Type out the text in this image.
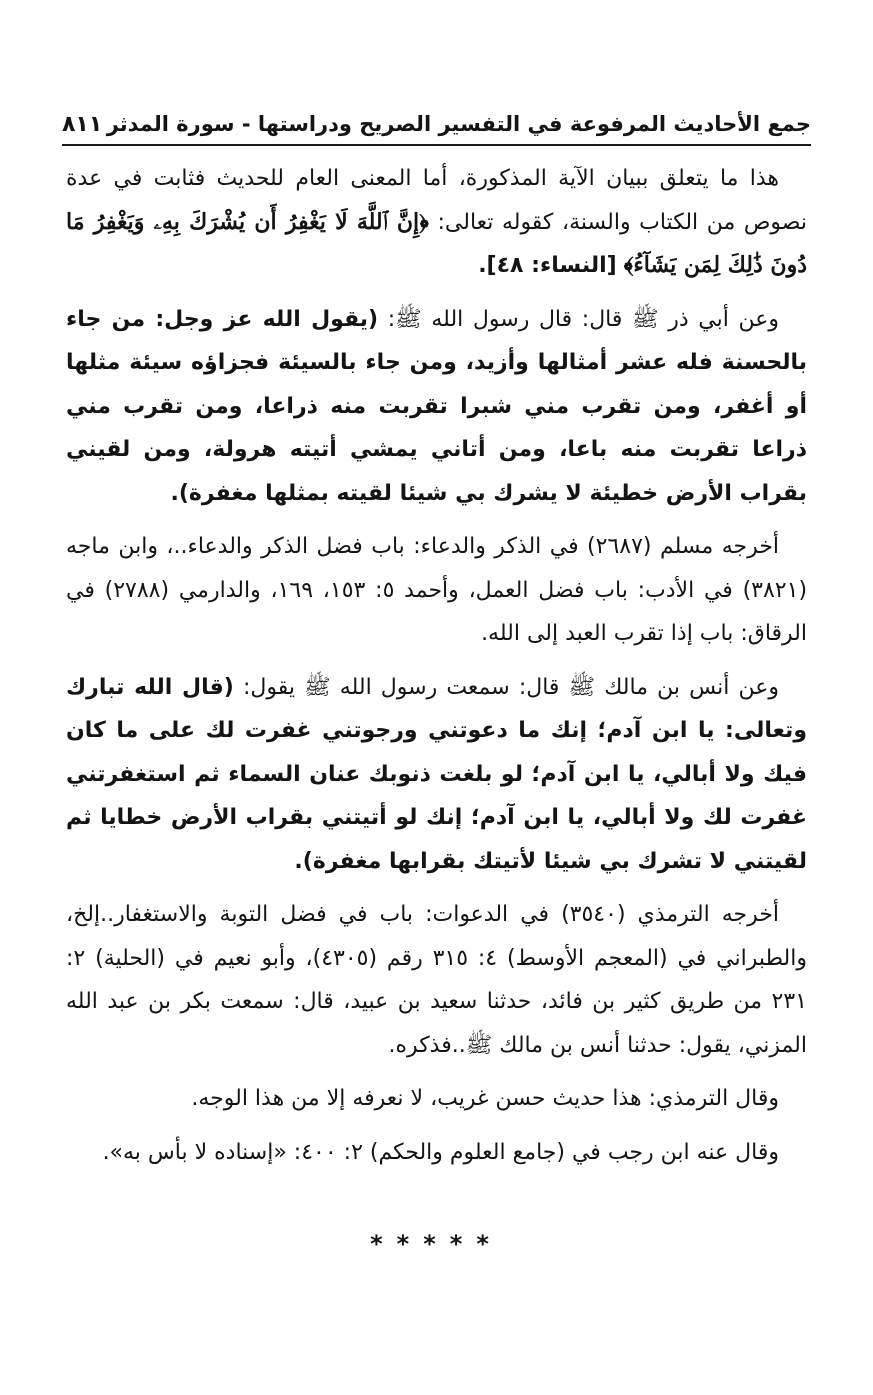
جمع الأحاديث المرفوعة في التفسير الصريح ودراستها - سورة المدثر
٨١١

هذا ما يتعلق ببيان الآية المذكورة، أما المعنى العام للحديث فثابت في عدة نصوص من الكتاب والسنة، كقوله تعالى: ﴿إِنَّ ٱللَّهَ لَا يَغْفِرُ أَن يُشْرَكَ بِهِۦ وَيَغْفِرُ مَا دُونَ ذَٰلِكَ لِمَن يَشَآءُ﴾ [النساء: ٤٨].

وعن أبي ذر ﷺ قال: قال رسول الله ﷺ: (يقول الله عز وجل: من جاء بالحسنة فله عشر أمثالها وأزيد، ومن جاء بالسيئة فجزاؤه سيئة مثلها أو أغفر، ومن تقرب مني شبرا تقربت منه ذراعا، ومن تقرب مني ذراعا تقربت منه باعا، ومن أتاني يمشي أتيته هرولة، ومن لقيني بقراب الأرض خطيئة لا يشرك بي شيئا لقيته بمثلها مغفرة).

أخرجه مسلم (٢٦٨٧) في الذكر والدعاء: باب فضل الذكر والدعاء..، وابن ماجه (٣٨٢١) في الأدب: باب فضل العمل، وأحمد ٥: ١٥٣، ١٦٩، والدارمي (٢٧٨٨) في الرقاق: باب إذا تقرب العبد إلى الله.

وعن أنس بن مالك ﷺ قال: سمعت رسول الله ﷺ يقول: (قال الله تبارك وتعالى: يا ابن آدم؛ إنك ما دعوتني ورجوتني غفرت لك على ما كان فيك ولا أبالي، يا ابن آدم؛ لو بلغت ذنوبك عنان السماء ثم استغفرتني غفرت لك ولا أبالي، يا ابن آدم؛ إنك لو أتيتني بقراب الأرض خطايا ثم لقيتني لا تشرك بي شيئا لأتيتك بقرابها مغفرة).

أخرجه الترمذي (٣٥٤٠) في الدعوات: باب في فضل التوبة والاستغفار..إلخ، والطبراني في (المعجم الأوسط) ٤: ٣١٥ رقم (٤٣٠٥)، وأبو نعيم في (الحلية) ٢: ٢٣١ من طريق كثير بن فائد، حدثنا سعيد بن عبيد، قال: سمعت بكر بن عبد الله المزني، يقول: حدثنا أنس بن مالك ﷺ..فذكره.

وقال الترمذي: هذا حديث حسن غريب، لا نعرفه إلا من هذا الوجه.

وقال عنه ابن رجب في (جامع العلوم والحكم) ٢: ٤٠٠: «إسناده لا بأس به».

*****
